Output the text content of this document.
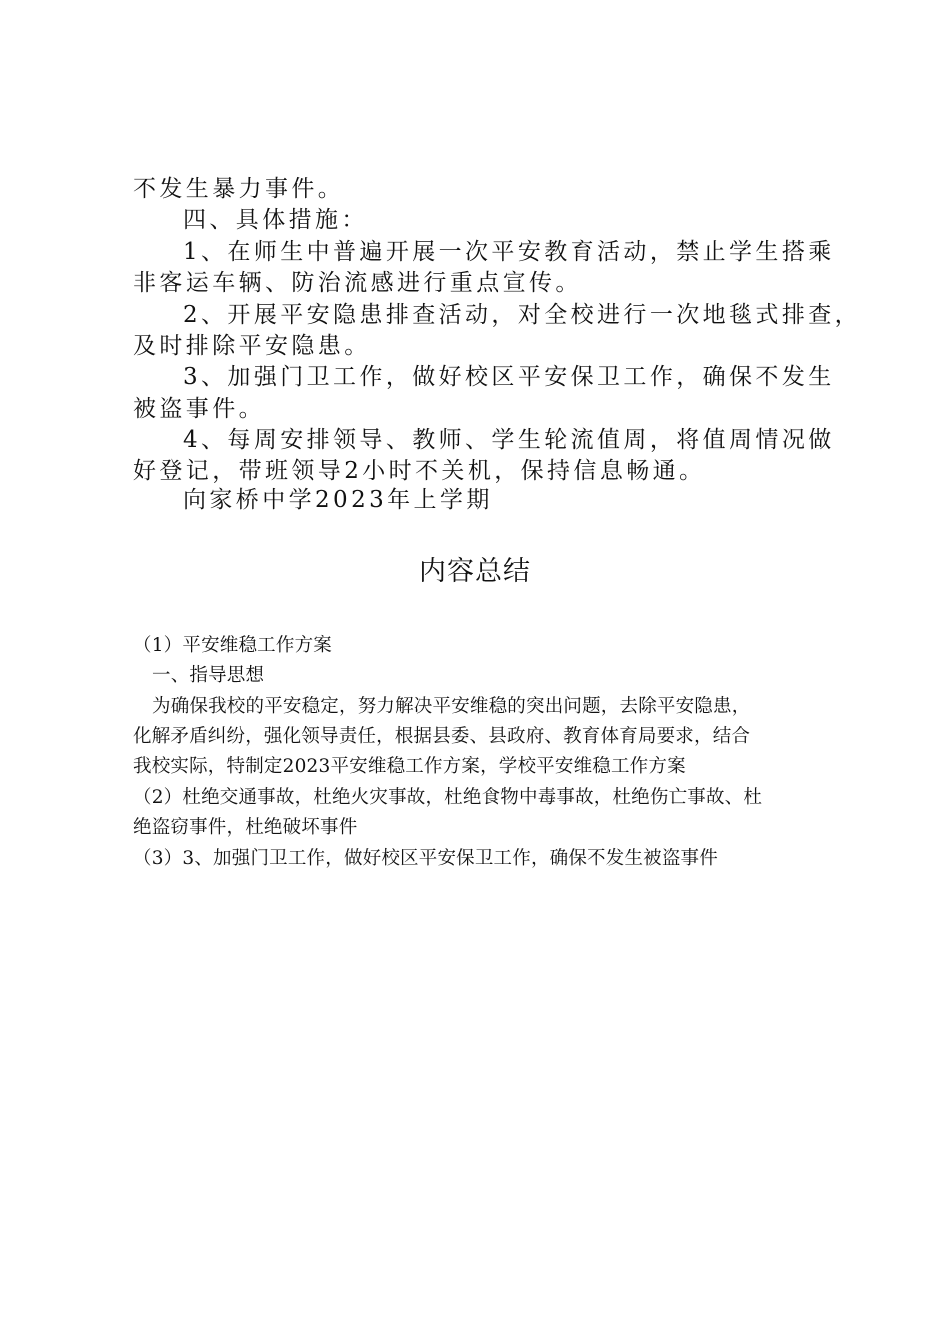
不发生暴力事件。

四、具体措施：

1、在师生中普遍开展一次平安教育活动，禁止学生搭乘

非客运车辆、防治流感进行重点宣传。

2、开展平安隐患排查活动，对全校进行一次地毯式排查，

及时排除平安隐患。

3、加强门卫工作，做好校区平安保卫工作，确保不发生

被盗事件。

4、每周安排领导、教师、学生轮流值周，将值周情况做

好登记，带班领导2小时不关机，保持信息畅通。

向家桥中学2023年上学期

内容总结

（1）平安维稳工作方案

一、指导思想

为确保我校的平安稳定，努力解决平安维稳的突出问题，去除平安隐患，

化解矛盾纠纷，强化领导责任，根据县委、县政府、教育体育局要求，结合

我校实际，特制定2023平安维稳工作方案，学校平安维稳工作方案

（2）杜绝交通事故，杜绝火灾事故，杜绝食物中毒事故，杜绝伤亡事故、杜

绝盗窃事件，杜绝破坏事件

（3）3、加强门卫工作，做好校区平安保卫工作，确保不发生被盗事件
